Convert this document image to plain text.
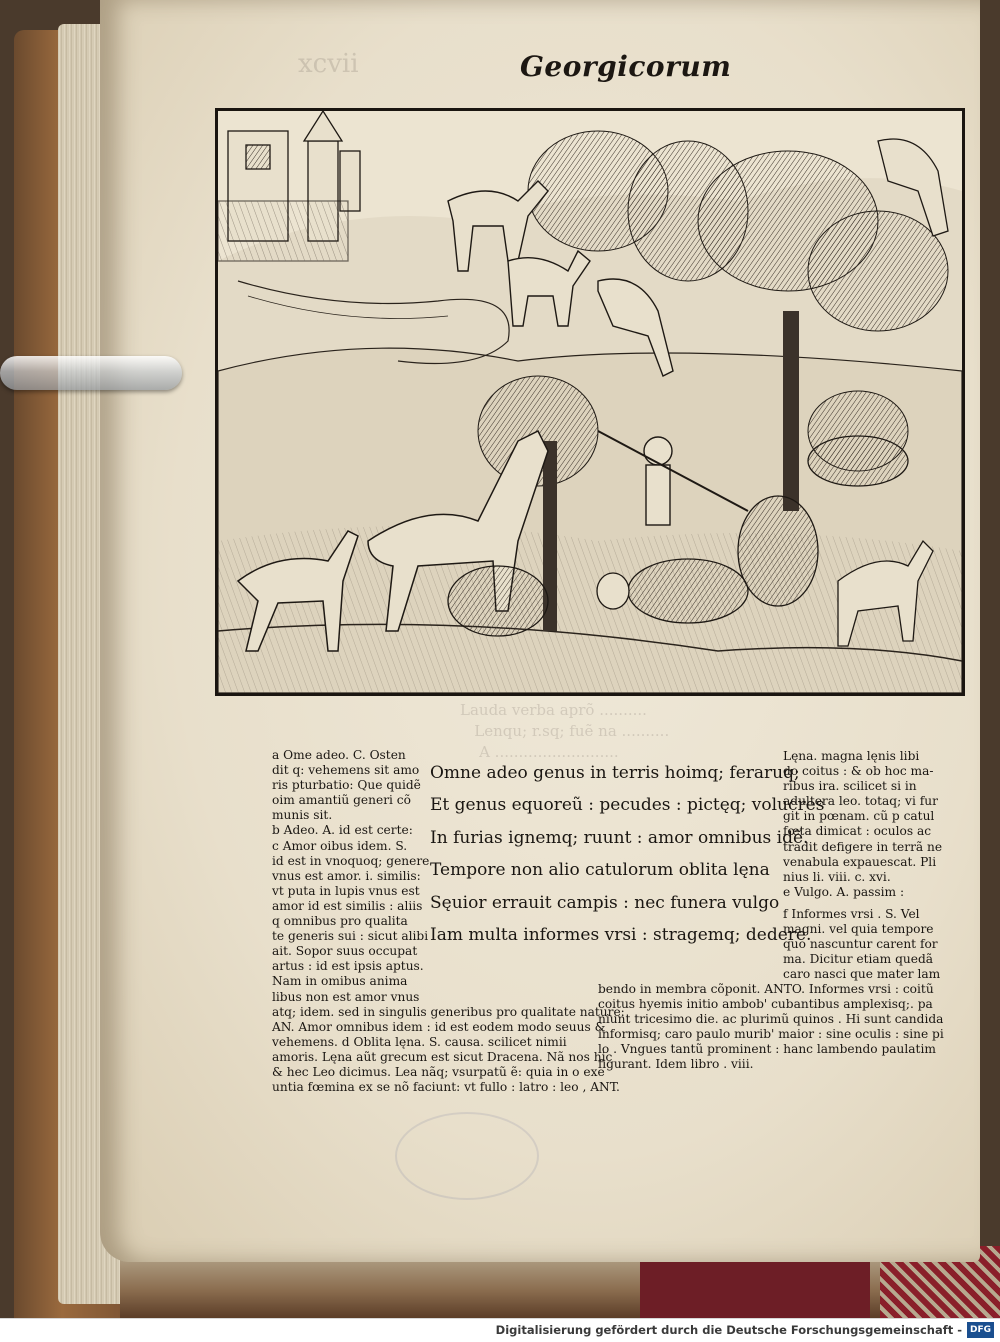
xcvii
Lauda verba aprõ ..........
Lenqu; r.sq; fuẽ na ..........
A ..........................
Georgicorum
a Ome adeo. C. Osten
dit q: vehemens sit amo
ris pturbatio: Que quidẽ
oim amantiũ generi cõ
munis sit.
b Adeo. A. id est certe:
c Amor oibus idem. S.
id est in vnoquoq; genere
vnus est amor. i. similis:
vt puta in lupis vnus est
amor id est similis : aliis
q omnibus pro qualita
te generis sui : sicut alibi
ait. Sopor suus occupat
artus : id est ipsis aptus.
Nam in omibus anima
libus non est amor vnus
atq; idem. sed in singulis generibus pro qualitate nature:
AN. Amor omnibus idem : id est eodem modo seuus &
vehemens. d Oblita lęna. S. causa. scilicet nimii
amoris. Lęna aũt grecum est sicut Dracena. Nã nos hic
& hec Leo dicimus. Lea nãq; vsurpatũ ẽ: quia in o exe
untia fœmina ex se nõ faciunt: vt fullo : latro : leo , ANT.
Omne adeo genus in terris hoimq; feraruq;
Et genus equoreũ : pecudes : pictęq; volucres
In furias ignemq; ruunt : amor omnibus idẽ.
Tempore non alio catulorum oblita lęna
Sęuior errauit campis : nec funera vulgo
Iam multa informes vrsi : stragemq; dedere.
Lęna. magna lęnis libi
do coitus : & ob hoc ma-
ribus ira. scilicet si in
adultera leo. totaq; vi fur
git in pœnam. cũ p catul
fœta dimicat : oculos ac
tradit defigere in terrã ne
venabula expauescat. Pli
nius li. viii. c. xvi.
e Vulgo. A. passim :
f Informes vrsi . S. Vel
magni. vel quia tempore
quo nascuntur carent for
ma. Dicitur etiam quedã
caro nasci que mater lam
bendo in membra cõponit. ANTO. Informes vrsi : coitũ
coitus hyemis initio ambob' cubantibus amplexisq;. pa
niunt tricesimo die. ac plurimũ quinos . Hi sunt candida
informisq; caro paulo murib' maior : sine oculis : sine pi
lo . Vngues tantũ prominent : hanc lambendo paulatim
figurant. Idem libro . viii.
Digitalisierung gefördert durch die Deutsche Forschungsgemeinschaft - DFG
